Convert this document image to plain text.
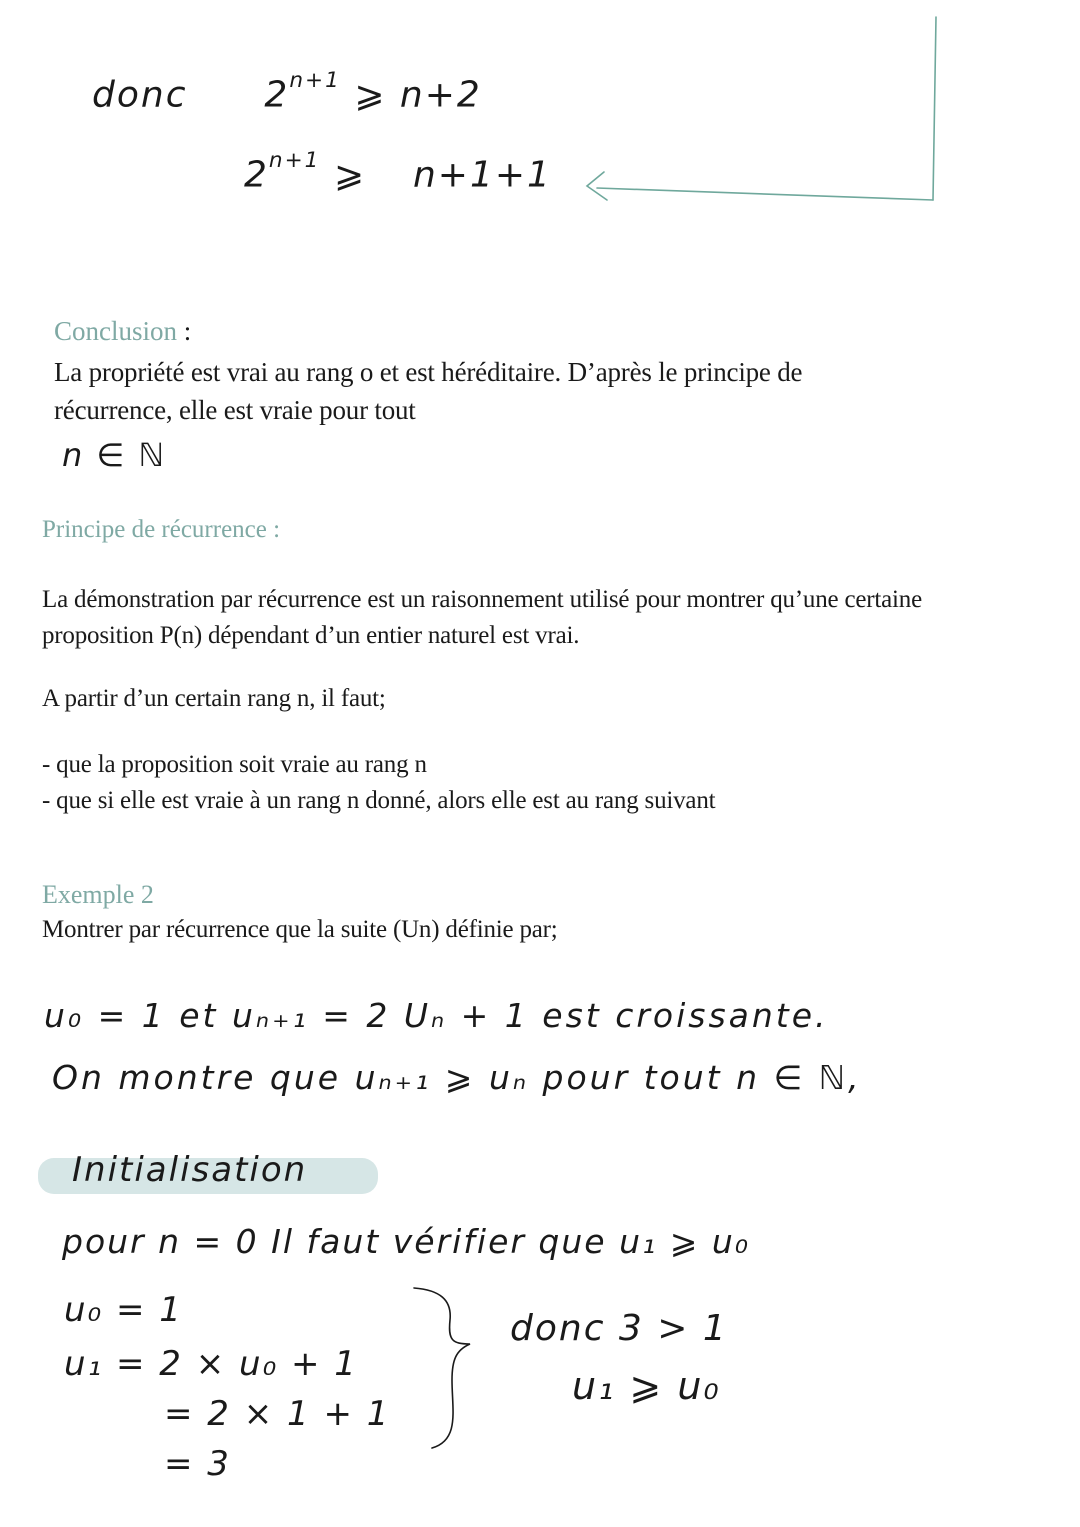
donc $2^{n+1}$ ⩾ n+2
$2^{n+1}$ ⩾ n+1+1
Conclusion :
La propriété est vrai au rang o et est héréditaire. D’après le principe de
récurrence, elle est vraie pour tout
n ∈ ℕ
Principe de récurrence :
La démonstration par récurrence est un raisonnement utilisé pour montrer qu’une certaine
proposition P(n) dépendant d’un entier naturel est vrai.
A partir d’un certain rang n, il faut;
- que la proposition soit vraie au rang n
- que si elle est vraie à un rang n donné, alors elle est au rang suivant
Exemple 2
Montrer par récurrence que la suite (Un) définie par;
u₀ = 1 et uₙ₊₁ = 2 Uₙ + 1 est croissante.
On montre que uₙ₊₁ ⩾ uₙ pour tout n ∈ ℕ,
Initialisation
pour n = 0 Il faut vérifier que u₁ ⩾ u₀
u₀ = 1
u₁ = 2 × u₀ + 1
= 2 × 1 + 1
= 3
donc 3 > 1
u₁ ⩾ u₀
